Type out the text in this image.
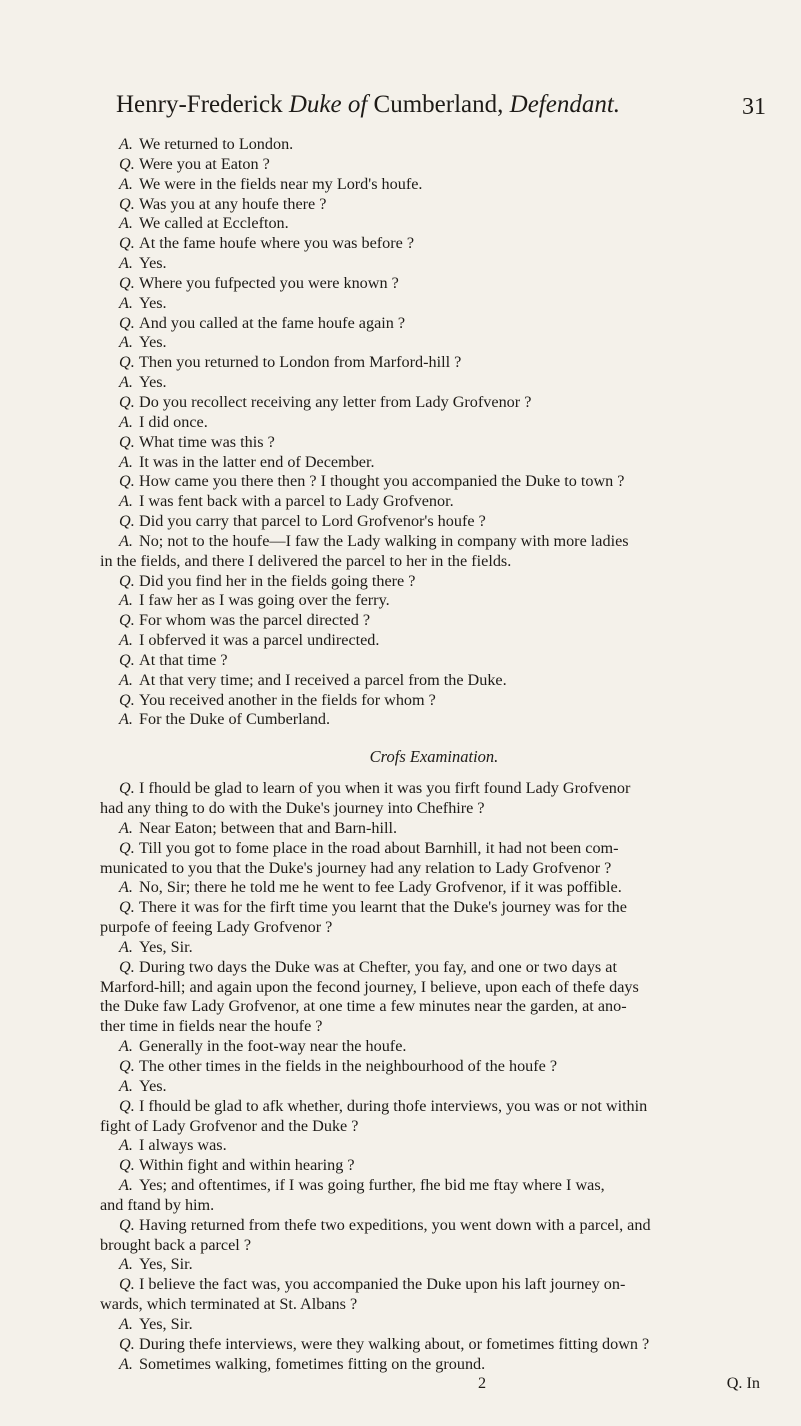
Henry-Frederick Duke of Cumberland, Defendant.	31

A. We returned to London.

Q. Were you at Eaton ?

A. We were in the fields near my Lord's houfe.

Q. Was you at any houfe there ?

A. We called at Ecclefton.

Q. At the fame houfe where you was before ?

A. Yes.

Q. Where you fufpected you were known ?

A. Yes.

Q. And you called at the fame houfe again ?

A. Yes.

Q. Then you returned to London from Marford-hill ?

A. Yes.

Q. Do you recollect receiving any letter from Lady Grofvenor ?

A. I did once.

Q. What time was this ?

A. It was in the latter end of December.

Q. How came you there then ? I thought you accompanied the Duke to town ?

A. I was fent back with a parcel to Lady Grofvenor.

Q. Did you carry that parcel to Lord Grofvenor's houfe ?

A. No; not to the houfe—I faw the Lady walking in company with more ladies

in the fields, and there I delivered the parcel to her in the fields.

Q. Did you find her in the fields going there ?

A. I faw her as I was going over the ferry.

Q. For whom was the parcel directed ?

A. I obferved it was a parcel undirected.

Q. At that time ?

A. At that very time; and I received a parcel from the Duke.

Q. You received another in the fields for whom ?

A. For the Duke of Cumberland.

Crofs Examination.

Q. I fhould be glad to learn of you when it was you firft found Lady Grofvenor

had any thing to do with the Duke's journey into Chefhire ?

A. Near Eaton; between that and Barn-hill.

Q. Till you got to fome place in the road about Barnhill, it had not been com-

municated to you that the Duke's journey had any relation to Lady Grofvenor ?

A. No, Sir; there he told me he went to fee Lady Grofvenor, if it was poffible.

Q. There it was for the firft time you learnt that the Duke's journey was for the

purpofe of feeing Lady Grofvenor ?

A. Yes, Sir.

Q. During two days the Duke was at Chefter, you fay, and one or two days at

Marford-hill; and again upon the fecond journey, I believe, upon each of thefe days

the Duke faw Lady Grofvenor, at one time a few minutes near the garden, at ano-

ther time in fields near the houfe ?

A. Generally in the foot-way near the houfe.

Q. The other times in the fields in the neighbourhood of the houfe ?

A. Yes.

Q. I fhould be glad to afk whether, during thofe interviews, you was or not within

fight of Lady Grofvenor and the Duke ?

A. I always was.

Q. Within fight and within hearing ?

A. Yes; and oftentimes, if I was going further, fhe bid me ftay where I was,

and ftand by him.

Q. Having returned from thefe two expeditions, you went down with a parcel, and

brought back a parcel ?

A. Yes, Sir.

Q. I believe the fact was, you accompanied the Duke upon his laft journey on-

wards, which terminated at St. Albans ?

A. Yes, Sir.

Q. During thefe interviews, were they walking about, or fometimes fitting down ?

A. Sometimes walking, fometimes fitting on the ground.

2	Q. In
